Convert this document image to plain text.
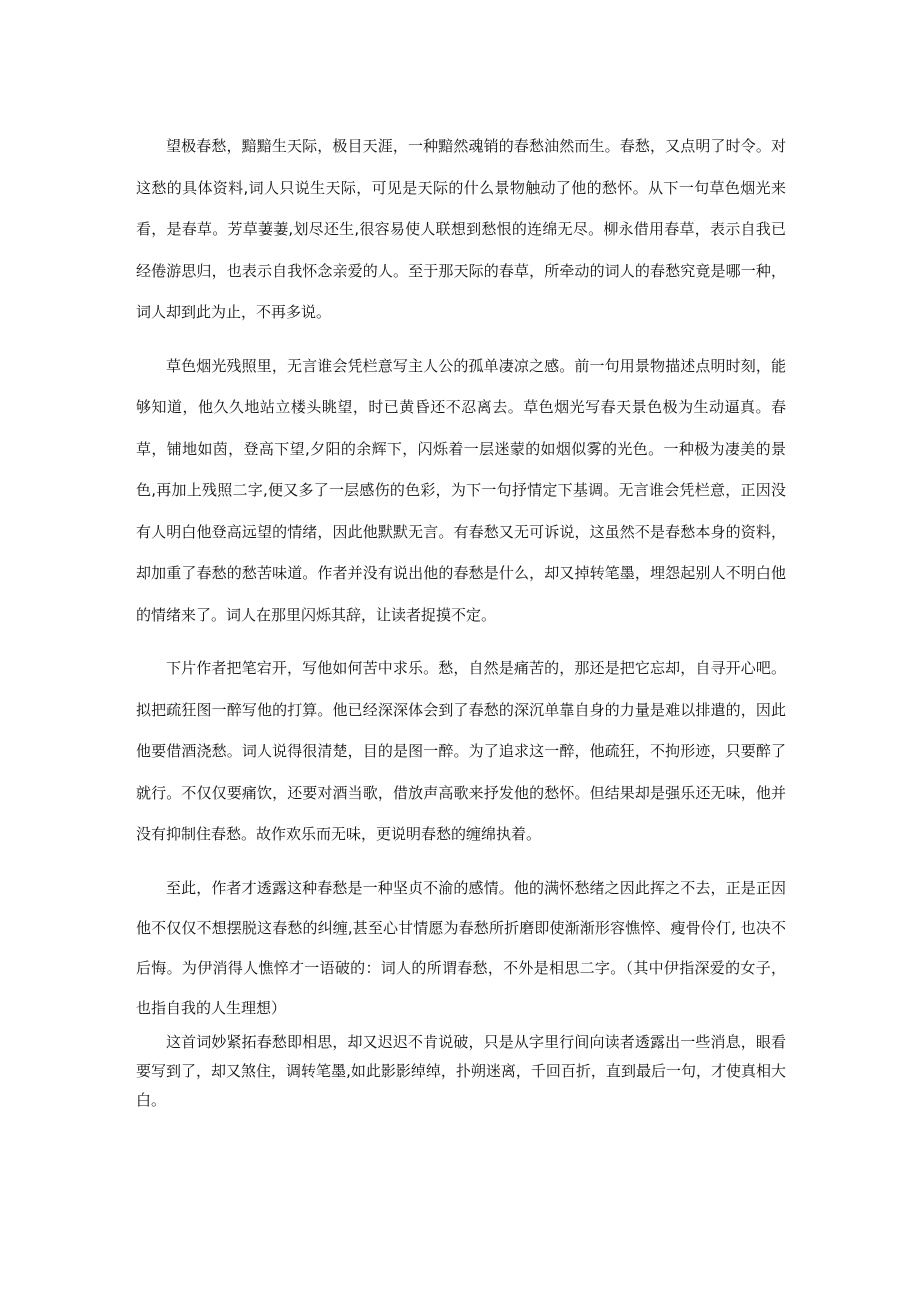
望极春愁，黯黯生天际，极目天涯，一种黯然魂销的春愁油然而生。春愁，又点明了时令。对这愁的具体资料,词人只说生天际，可见是天际的什么景物触动了他的愁怀。从下一句草色烟光来看，是春草。芳草萋萋,划尽还生,很容易使人联想到愁恨的连绵无尽。柳永借用春草，表示自我已经倦游思归，也表示自我怀念亲爱的人。至于那天际的春草，所牵动的词人的春愁究竟是哪一种，词人却到此为止，不再多说。

草色烟光残照里，无言谁会凭栏意写主人公的孤单凄凉之感。前一句用景物描述点明时刻，能够知道，他久久地站立楼头眺望，时已黄昏还不忍离去。草色烟光写春天景色极为生动逼真。春草，铺地如茵，登高下望,夕阳的余辉下，闪烁着一层迷蒙的如烟似雾的光色。一种极为凄美的景色,再加上残照二字,便又多了一层感伤的色彩，为下一句抒情定下基调。无言谁会凭栏意，正因没有人明白他登高远望的情绪，因此他默默无言。有春愁又无可诉说，这虽然不是春愁本身的资料，却加重了春愁的愁苦味道。作者并没有说出他的春愁是什么，却又掉转笔墨，埋怨起别人不明白他的情绪来了。词人在那里闪烁其辞，让读者捉摸不定。

下片作者把笔宕开，写他如何苦中求乐。愁，自然是痛苦的，那还是把它忘却，自寻开心吧。拟把疏狂图一醉写他的打算。他已经深深体会到了春愁的深沉单靠自身的力量是难以排遣的，因此他要借酒浇愁。词人说得很清楚，目的是图一醉。为了追求这一醉，他疏狂，不拘形迹，只要醉了就行。不仅仅要痛饮，还要对酒当歌，借放声高歌来抒发他的愁怀。但结果却是强乐还无味，他并没有抑制住春愁。故作欢乐而无味，更说明春愁的缠绵执着。

至此，作者才透露这种春愁是一种坚贞不渝的感情。他的满怀愁绪之因此挥之不去，正是正因他不仅仅不想摆脱这春愁的纠缠,甚至心甘情愿为春愁所折磨即使渐渐形容憔悴、瘦骨伶仃, 也决不后悔。为伊消得人憔悴才一语破的：词人的所谓春愁，不外是相思二字。（其中伊指深爱的女子，也指自我的人生理想）

这首词妙紧拓春愁即相思，却又迟迟不肯说破，只是从字里行间向读者透露出一些消息，眼看要写到了，却又煞住，调转笔墨,如此影影绰绰，扑朔迷离，千回百折，直到最后一句，才使真相大白。
